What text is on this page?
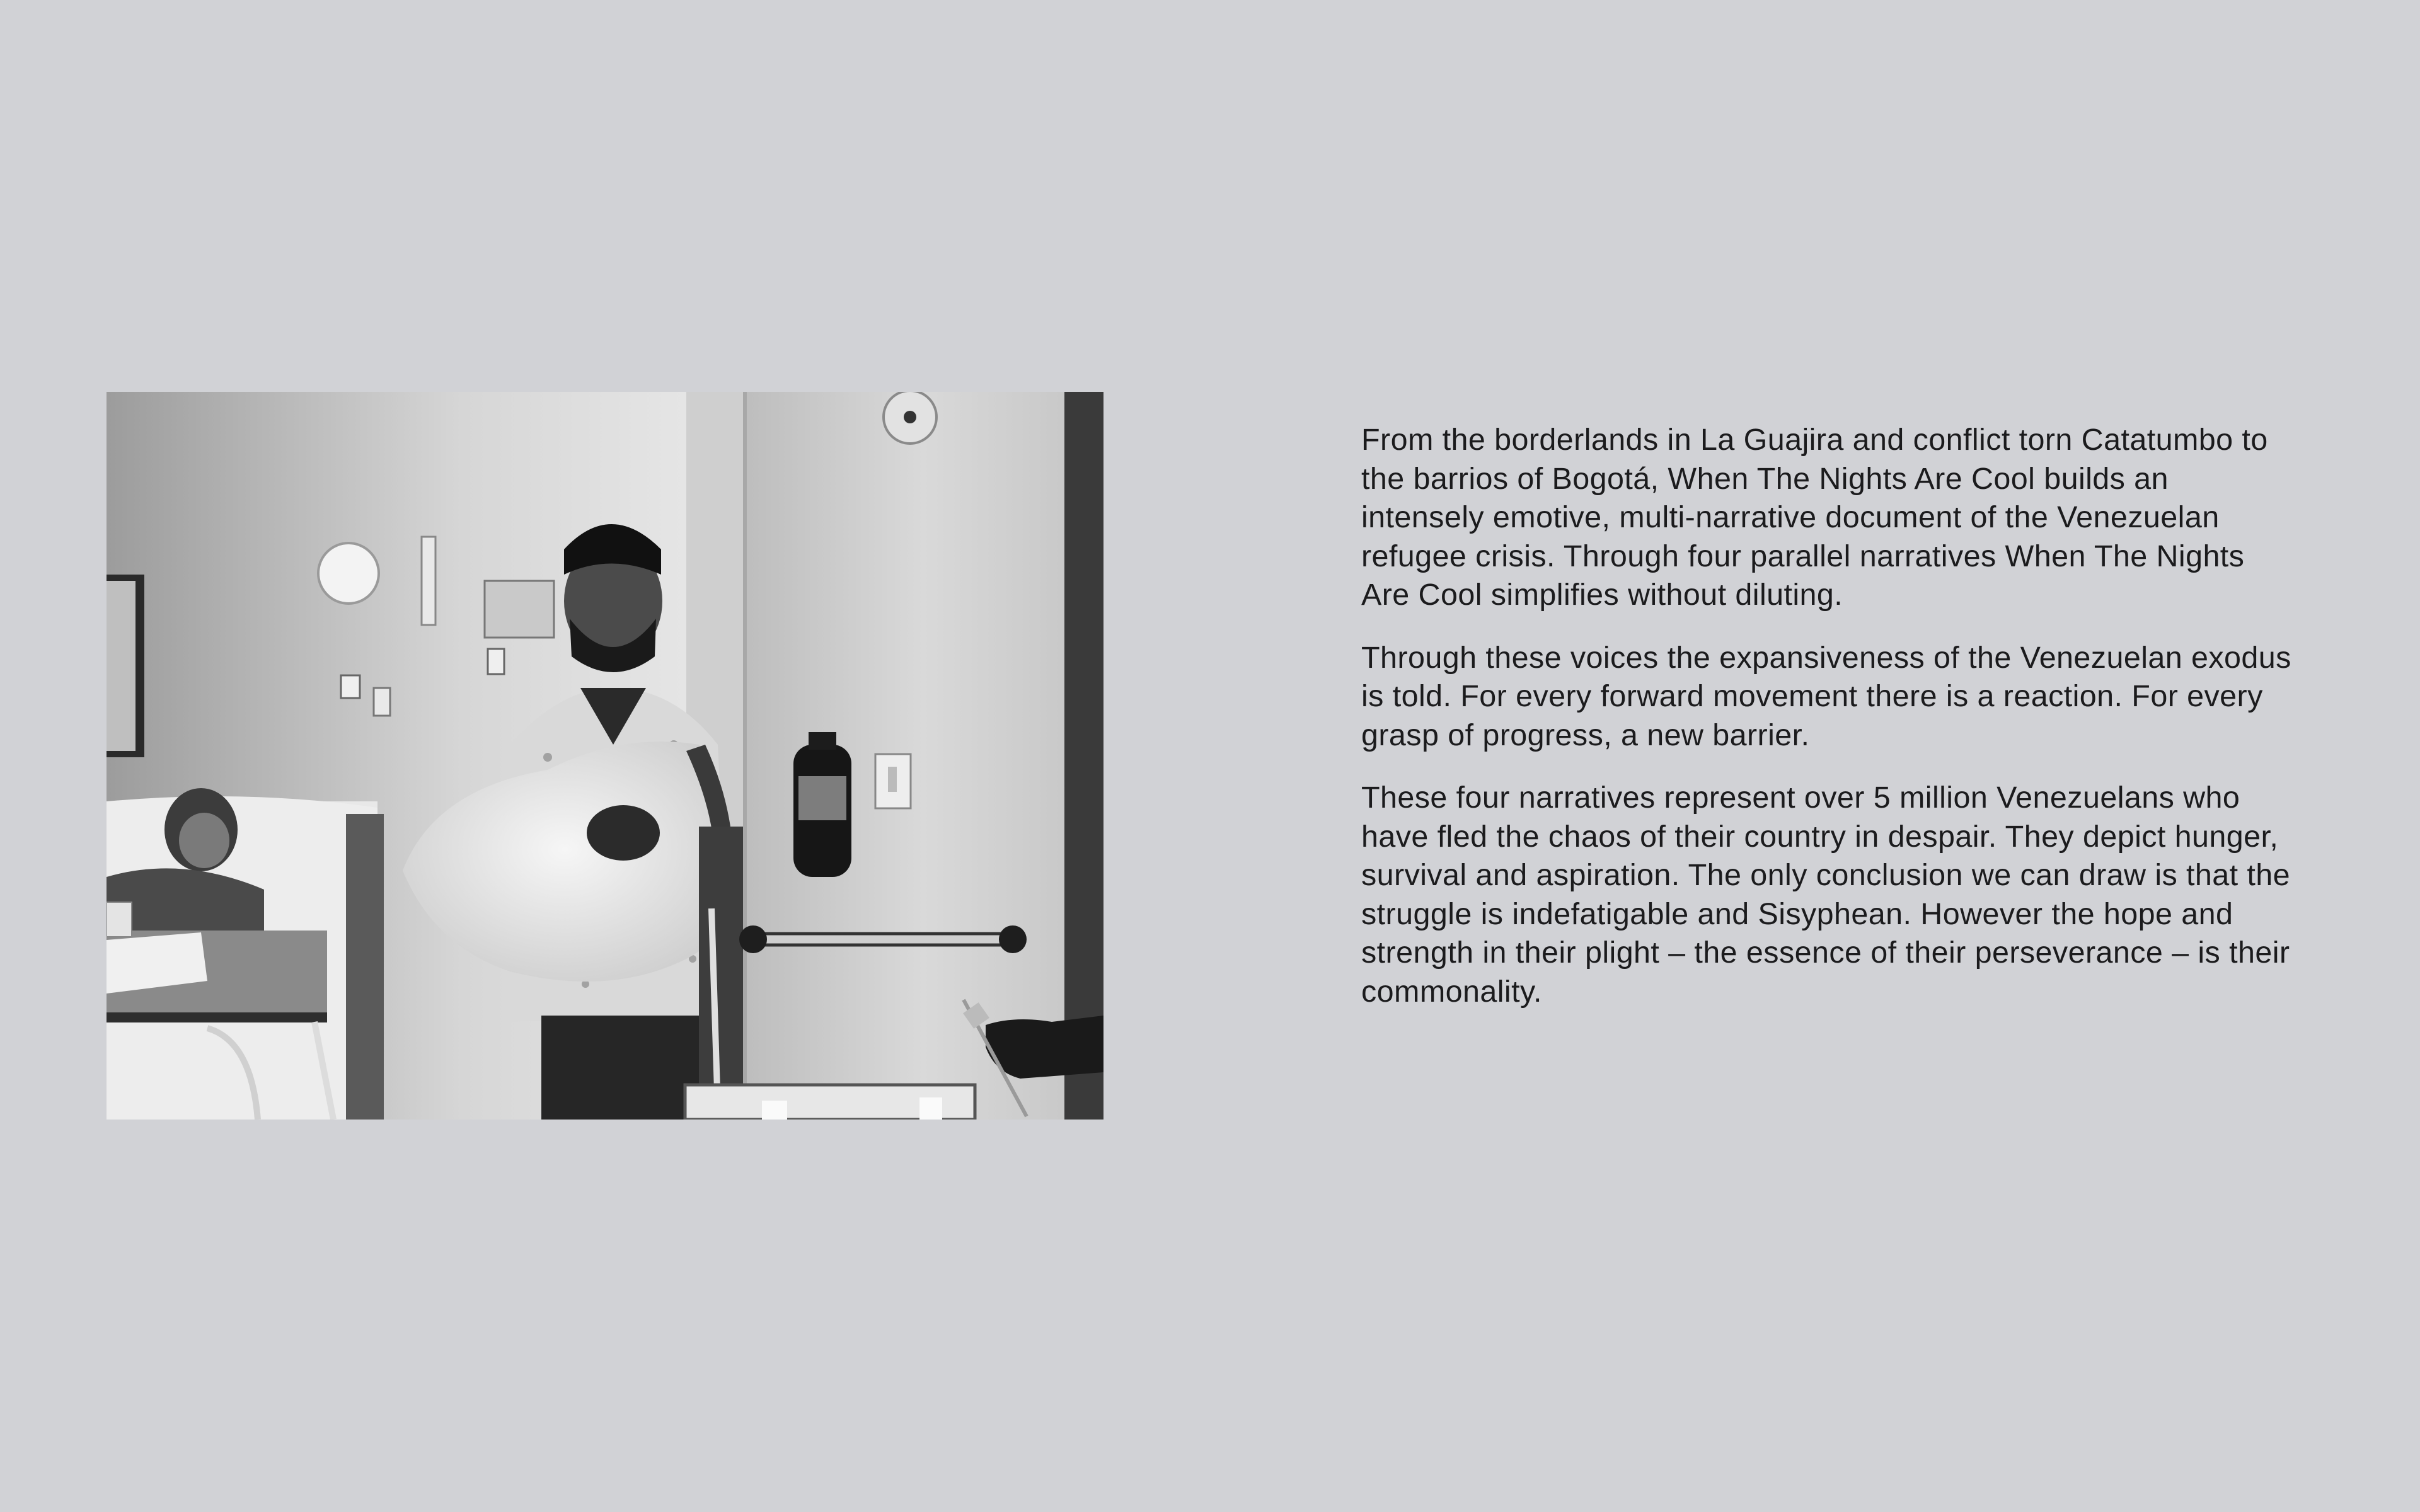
From the borderlands in La Guajira and conflict torn Catatumbo to the barrios of Bogotá, When The Nights Are Cool builds an intensely emotive, multi-narrative document of the Venezuelan refugee crisis. Through four parallel narratives When The Nights Are Cool simplifies without diluting.

Through these voices the expansiveness of the Venezuelan exodus is told. For every forward movement there is a reaction. For every grasp of progress, a new barrier.

These four narratives represent over 5 million Venezuelans who have fled the chaos of their country in despair. They depict hunger, survival and aspiration. The only conclusion we can draw is that the struggle is indefatigable and Sisyphean. However the hope and strength in their plight – the essence of their perseverance – is their commonality.
